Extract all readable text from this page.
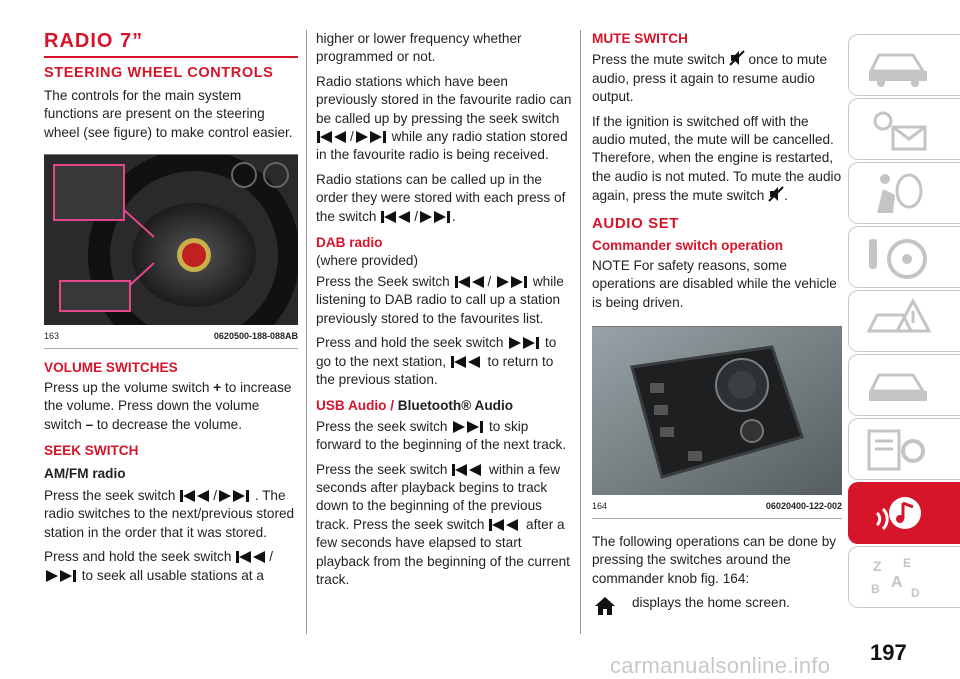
RADIO 7”
STEERING WHEEL CONTROLS

The controls for the main system functions are present on the steering wheel (see figure) to make control easier.

163	0620500-188-088AB
VOLUME SWITCHES

Press up the volume switch + to increase the volume. Press down the volume switch – to decrease the volume.

SEEK SWITCH
AM/FM radio

Press the seek switch	/	. The radio switches to the next/previous stored station in the order that it was stored.

Press and hold the seek switch	/ to seek all usable stations at a

higher or lower frequency whether programmed or not.

Radio stations which have been previously stored in the favourite radio can be called up by pressing the seek switch /	while any radio station stored in the favourite radio is being received.

Radio stations can be called up in the order they were stored with each press of the switch	/	.

DAB radio

(where provided)

Press the Seek switch	/	while listening to DAB radio to call up a station previously stored to the favourites list.

Press and hold the seek switch	to go to the next station,	to return to the previous station.

USB Audio / Bluetooth® Audio

Press the seek switch	to skip forward to the beginning of the next track.

Press the seek switch	within a few seconds after playback begins to track down to the beginning of the previous track. Press the seek switch	after a few seconds have elapsed to start playback from the beginning of the current track.

MUTE SWITCH

Press the mute switch once to mute audio, press it again to resume audio output.

If the ignition is switched off with the audio muted, the mute will be cancelled. Therefore, when the engine is restarted, the audio is not muted. To mute the audio again, press the mute switch .

AUDIO SET
Commander switch operation

NOTE For safety reasons, some operations are disabled while the vehicle is being driven.

164	06020400-122-002

The following operations can be done by pressing the switches around the commander knob fig. 164:

displays the home screen.

Z E
A
B	D
197
carmanualsonline.info
